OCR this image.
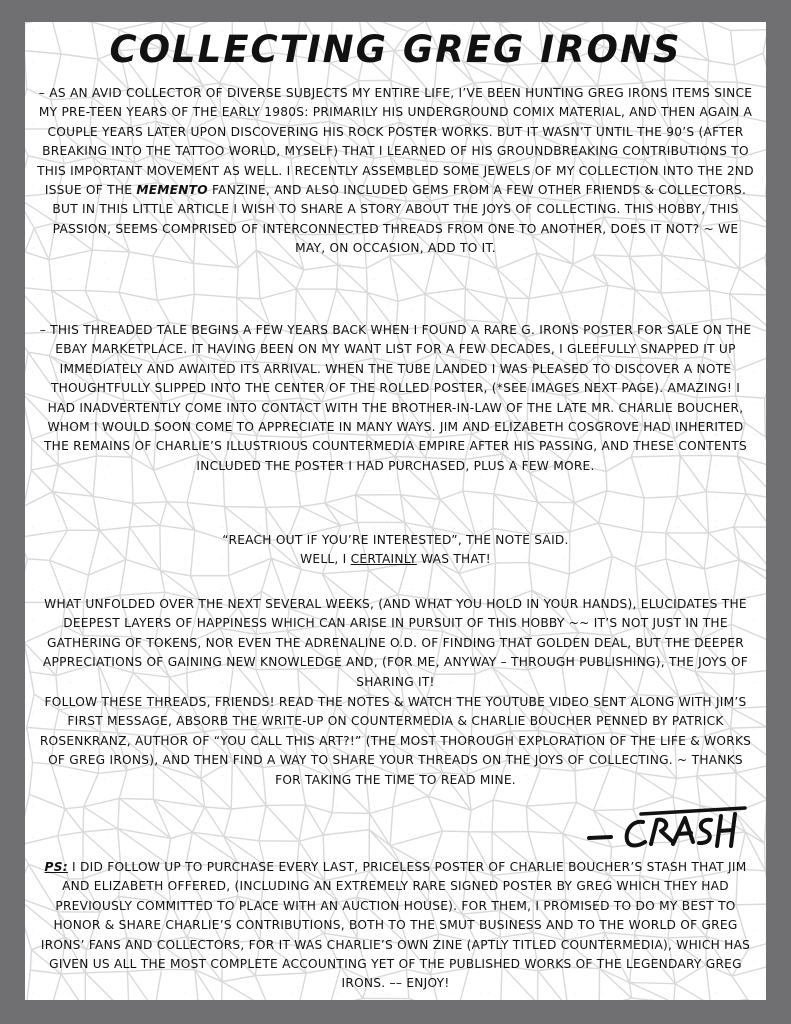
COLLECTING GREG IRONS
– AS AN AVID COLLECTOR OF DIVERSE SUBJECTS MY ENTIRE LIFE, I’VE BEEN HUNTING GREG IRONS ITEMS SINCE MY PRE-TEEN YEARS OF THE EARLY 1980S: PRIMARILY HIS UNDERGROUND COMIX MATERIAL, AND THEN AGAIN A COUPLE YEARS LATER UPON DISCOVERING HIS ROCK POSTER WORKS. BUT IT WASN’T UNTIL THE 90’S (AFTER BREAKING INTO THE TATTOO WORLD, MYSELF) THAT I LEARNED OF HIS GROUNDBREAKING CONTRIBUTIONS TO THIS IMPORTANT MOVEMENT AS WELL. I RECENTLY ASSEMBLED SOME JEWELS OF MY COLLECTION INTO THE 2ND ISSUE OF THE MEMENTO FANZINE, AND ALSO INCLUDED GEMS FROM A FEW OTHER FRIENDS & COLLECTORS. BUT IN THIS LITTLE ARTICLE I WISH TO SHARE A STORY ABOUT THE JOYS OF COLLECTING. THIS HOBBY, THIS PASSION, SEEMS COMPRISED OF INTERCONNECTED THREADS FROM ONE TO ANOTHER, DOES IT NOT? ~ WE MAY, ON OCCASION, ADD TO IT.
– THIS THREADED TALE BEGINS A FEW YEARS BACK WHEN I FOUND A RARE G. IRONS POSTER FOR SALE ON THE EBAY MARKETPLACE. IT HAVING BEEN ON MY WANT LIST FOR A FEW DECADES, I GLEEFULLY SNAPPED IT UP IMMEDIATELY AND AWAITED ITS ARRIVAL. WHEN THE TUBE LANDED I WAS PLEASED TO DISCOVER A NOTE THOUGHTFULLY SLIPPED INTO THE CENTER OF THE ROLLED POSTER, (*SEE IMAGES NEXT PAGE). AMAZING! I HAD INADVERTENTLY COME INTO CONTACT WITH THE BROTHER-IN-LAW OF THE LATE MR. CHARLIE BOUCHER, WHOM I WOULD SOON COME TO APPRECIATE IN MANY WAYS. JIM AND ELIZABETH COSGROVE HAD INHERITED THE REMAINS OF CHARLIE’S ILLUSTRIOUS COUNTERMEDIA EMPIRE AFTER HIS PASSING, AND THESE CONTENTS INCLUDED THE POSTER I HAD PURCHASED, PLUS A FEW MORE.
“REACH OUT IF YOU’RE INTERESTED”, THE NOTE SAID.
WELL, I CERTAINLY WAS THAT!
WHAT UNFOLDED OVER THE NEXT SEVERAL WEEKS, (AND WHAT YOU HOLD IN YOUR HANDS), ELUCIDATES THE DEEPEST LAYERS OF HAPPINESS WHICH CAN ARISE IN PURSUIT OF THIS HOBBY ~~ IT’S NOT JUST IN THE GATHERING OF TOKENS, NOR EVEN THE ADRENALINE O.D. OF FINDING THAT GOLDEN DEAL, BUT THE DEEPER APPRECIATIONS OF GAINING NEW KNOWLEDGE AND, (FOR ME, ANYWAY – THROUGH PUBLISHING), THE JOYS OF SHARING IT!
FOLLOW THESE THREADS, FRIENDS! READ THE NOTES & WATCH THE YOUTUBE VIDEO SENT ALONG WITH JIM’S FIRST MESSAGE, ABSORB THE WRITE-UP ON COUNTERMEDIA & CHARLIE BOUCHER PENNED BY PATRICK ROSENKRANZ, AUTHOR OF “YOU CALL THIS ART?!” (THE MOST THOROUGH EXPLORATION OF THE LIFE & WORKS OF GREG IRONS), AND THEN FIND A WAY TO SHARE YOUR THREADS ON THE JOYS OF COLLECTING. ~ THANKS FOR TAKING THE TIME TO READ MINE.
PS: I DID FOLLOW UP TO PURCHASE EVERY LAST, PRICELESS POSTER OF CHARLIE BOUCHER’S STASH THAT JIM AND ELIZABETH OFFERED, (INCLUDING AN EXTREMELY RARE SIGNED POSTER BY GREG WHICH THEY HAD PREVIOUSLY COMMITTED TO PLACE WITH AN AUCTION HOUSE). FOR THEM, I PROMISED TO DO MY BEST TO HONOR & SHARE CHARLIE’S CONTRIBUTIONS, BOTH TO THE SMUT BUSINESS AND TO THE WORLD OF GREG IRONS’ FANS AND COLLECTORS, FOR IT WAS CHARLIE’S OWN ZINE (APTLY TITLED COUNTERMEDIA), WHICH HAS GIVEN US ALL THE MOST COMPLETE ACCOUNTING YET OF THE PUBLISHED WORKS OF THE LEGENDARY GREG IRONS. –– ENJOY!
